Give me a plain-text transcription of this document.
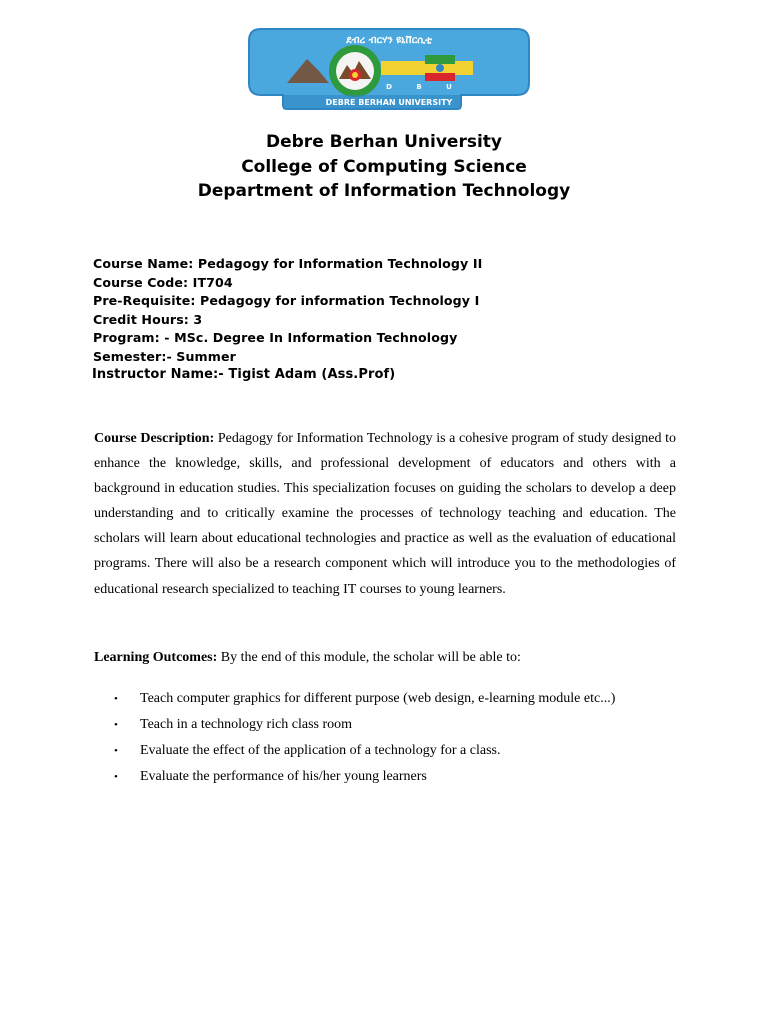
ደብረ ብርሃን ዩኒቨርሲቲ
D	B	U
DEBRE BERHAN UNIVERSITY
Debre Berhan University
College of Computing Science
Department of Information Technology
Course Name: Pedagogy for Information Technology II
Course Code: IT704
Pre-Requisite: Pedagogy for information Technology I
Credit Hours: 3
Program: - MSc. Degree In Information Technology
Semester:- Summer
Instructor Name:- Tigist Adam (Ass.Prof)
Course Description: Pedagogy for Information Technology is a cohesive program of study designed to enhance the knowledge, skills, and professional development of educators and others with a background in education studies. This specialization focuses on guiding the scholars to develop a deep understanding and to critically examine the processes of technology teaching and education. The scholars will learn about educational technologies and practice as well as the evaluation of educational programs. There will also be a research component which will introduce you to the methodologies of educational research specialized to teaching IT courses to young learners.
Learning Outcomes: By the end of this module, the scholar will be able to:
• Teach computer graphics for different purpose (web design, e-learning module etc...)
• Teach in a technology rich class room
• Evaluate the effect of the application of a technology for a class.
• Evaluate the performance of his/her young learners
